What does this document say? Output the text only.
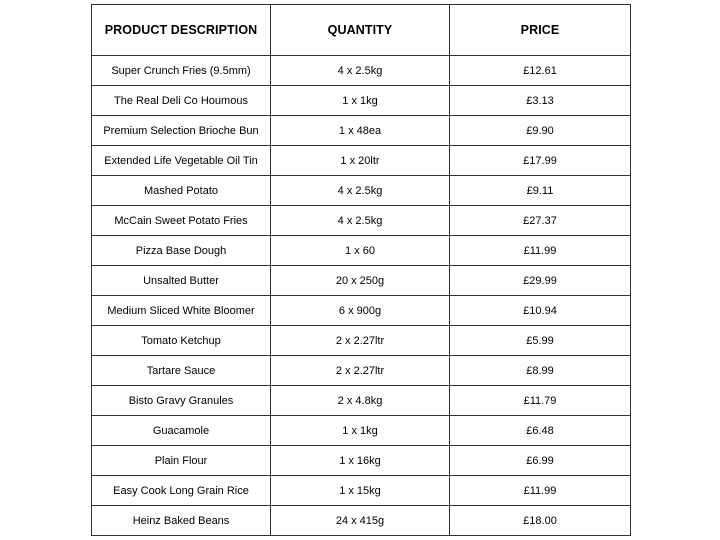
PRODUCT DESCRIPTION	QUANTITY	PRICE
Super Crunch Fries (9.5mm)	4 x 2.5kg	£12.61
The Real Deli Co Houmous	1 x 1kg	£3.13
Premium Selection Brioche Bun	1 x 48ea	£9.90
Extended Life Vegetable Oil Tin	1 x 20ltr	£17.99
Mashed Potato	4 x 2.5kg	£9.11
McCain Sweet Potato Fries	4 x 2.5kg	£27.37
Pizza Base Dough	1 x 60	£11.99
Unsalted Butter	20 x 250g	£29.99
Medium Sliced White Bloomer	6 x 900g	£10.94
Tomato Ketchup	2 x 2.27ltr	£5.99
Tartare Sauce	2 x 2.27ltr	£8.99
Bisto Gravy Granules	2 x 4.8kg	£11.79
Guacamole	1 x 1kg	£6.48
Plain Flour	1 x 16kg	£6.99
Easy Cook Long Grain Rice	1 x 15kg	£11.99
Heinz Baked Beans	24 x 415g	£18.00
